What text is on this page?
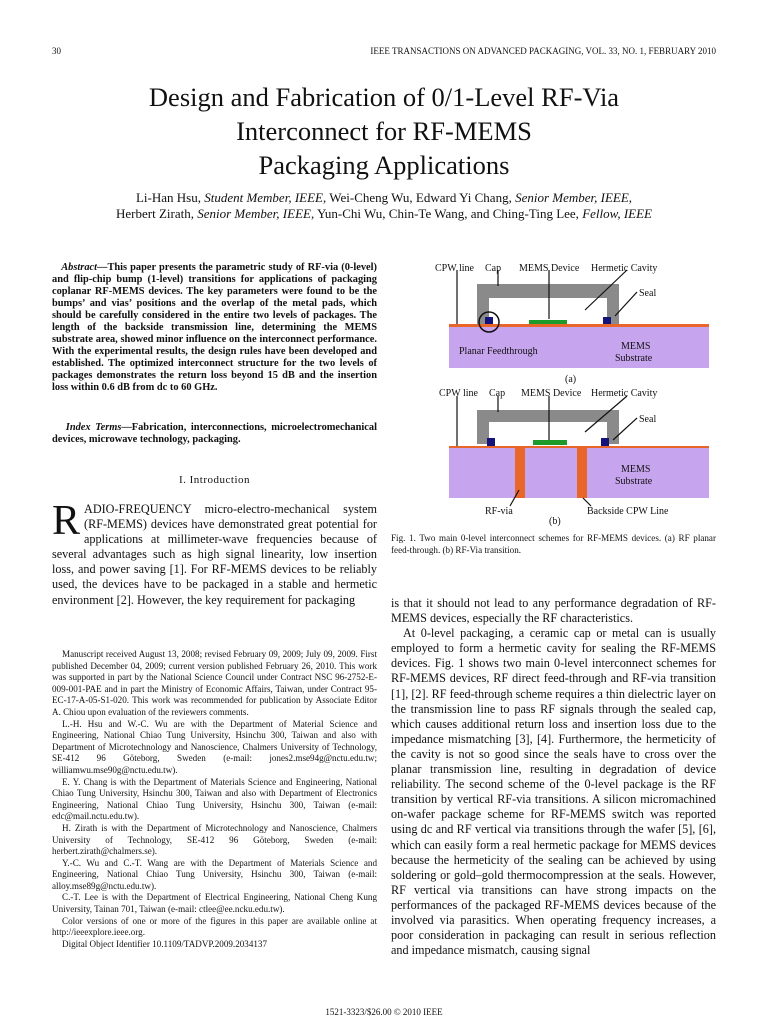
30	IEEE TRANSACTIONS ON ADVANCED PACKAGING, VOL. 33, NO. 1, FEBRUARY 2010
Design and Fabrication of 0/1-Level RF-Via
Interconnect for RF-MEMS
Packaging Applications
Li-Han Hsu, Student Member, IEEE, Wei-Cheng Wu, Edward Yi Chang, Senior Member, IEEE,
Herbert Zirath, Senior Member, IEEE, Yun-Chi Wu, Chin-Te Wang, and Ching-Ting Lee, Fellow, IEEE
Abstract—This paper presents the parametric study of RF-via (0-level) and flip-chip bump (1-level) transitions for applications of packaging coplanar RF-MEMS devices. The key parameters were found to be the bumps’ and vias’ positions and the overlap of the metal pads, which should be carefully considered in the entire two levels of packages. The length of the backside transmission line, determining the MEMS substrate area, showed minor influence on the interconnect performance. With the experimental results, the design rules have been developed and established. The optimized interconnect structure for the two levels of packages demonstrates the return loss beyond 15 dB and the insertion loss within 0.6 dB from dc to 60 GHz.
Index Terms—Fabrication, interconnections, microelectromechanical devices, microwave technology, packaging.
I. Introduction
RADIO-FREQUENCY micro-electro-mechanical system (RF-MEMS) devices have demonstrated great potential for applications at millimeter-wave frequencies because of several advantages such as high signal linearity, low insertion loss, and power saving [1]. For RF-MEMS devices to be reliably used, the devices have to be packaged in a stable and hermetic environment [2]. However, the key requirement for packaging

Manuscript received August 13, 2008; revised February 09, 2009; July 09, 2009. First published December 04, 2009; current version published February 26, 2010. This work was supported in part by the National Science Council under Contract NSC 96-2752-E-009-001-PAE and in part the Ministry of Economic Affairs, Taiwan, under Contract 95-EC-17-A-05-S1-020. This work was recommended for publication by Associate Editor A. Chiou upon evaluation of the reviewers comments.

L.-H. Hsu and W.-C. Wu are with the Department of Material Science and Engineering, National Chiao Tung University, Hsinchu 300, Taiwan and also with Department of Microtechnology and Nanoscience, Chalmers University of Technology, SE-412 96 Göteborg, Sweden (e-mail: jones2.mse94g@nctu.edu.tw; williamwu.mse90g@nctu.edu.tw).

E. Y. Chang is with the Department of Materials Science and Engineering, National Chiao Tung University, Hsinchu 300, Taiwan and also with Department of Electronics Engineering, National Chiao Tung University, Hsinchu 300, Taiwan (e-mail: edc@mail.nctu.edu.tw).

H. Zirath is with the Department of Microtechnology and Nanoscience, Chalmers University of Technology, SE-412 96 Göteborg, Sweden (e-mail: herbert.zirath@chalmers.se).

Y.-C. Wu and C.-T. Wang are with the Department of Materials Science and Engineering, National Chiao Tung University, Hsinchu 300, Taiwan (e-mail: alloy.mse89g@nctu.edu.tw).

C.-T. Lee is with the Department of Electrical Engineering, National Cheng Kung University, Tainan 701, Taiwan (e-mail: ctlee@ee.ncku.edu.tw).

Color versions of one or more of the figures in this paper are available online at http://ieeexplore.ieee.org.

Digital Object Identifier 10.1109/TADVP.2009.2034137

CPW line Cap MEMS Device Hermetic Cavity
Seal
Planar Feedthrough	MEMS
Substrate
(a)
CPW line Cap MEMS Device Hermetic Cavity
Seal
MEMS
Substrate
RF-via	Backside CPW Line
(b)
Fig. 1. Two main 0-level interconnect schemes for RF-MEMS devices. (a) RF planar feed-through. (b) RF-Via transition.

is that it should not lead to any performance degradation of RF-MEMS devices, especially the RF characteristics.

At 0-level packaging, a ceramic cap or metal can is usually employed to form a hermetic cavity for sealing the RF-MEMS devices. Fig. 1 shows two main 0-level interconnect schemes for RF-MEMS devices, RF direct feed-through and RF-via transition [1], [2]. RF feed-through scheme requires a thin dielectric layer on the transmission line to pass RF signals through the sealed cap, which causes additional return loss and insertion loss due to the impedance mismatching [3], [4]. Furthermore, the hermeticity of the cavity is not so good since the seals have to cross over the planar transmission line, resulting in degradation of device reliability. The second scheme of the 0-level package is the RF transition by vertical RF-via transitions. A silicon micromachined on-wafer package scheme for RF-MEMS switch was reported using dc and RF vertical via transitions through the wafer [5], [6], which can easily form a real hermetic package for MEMS devices because the hermeticity of the sealing can be achieved by using soldering or gold–gold thermocompression at the seals. However, RF vertical via transitions can have strong impacts on the performances of the packaged RF-MEMS devices because of the involved via parasitics. When operating frequency increases, a poor consideration in packaging can result in serious reflection and impedance mismatch, causing signal

1521-3323/$26.00 © 2010 IEEE
